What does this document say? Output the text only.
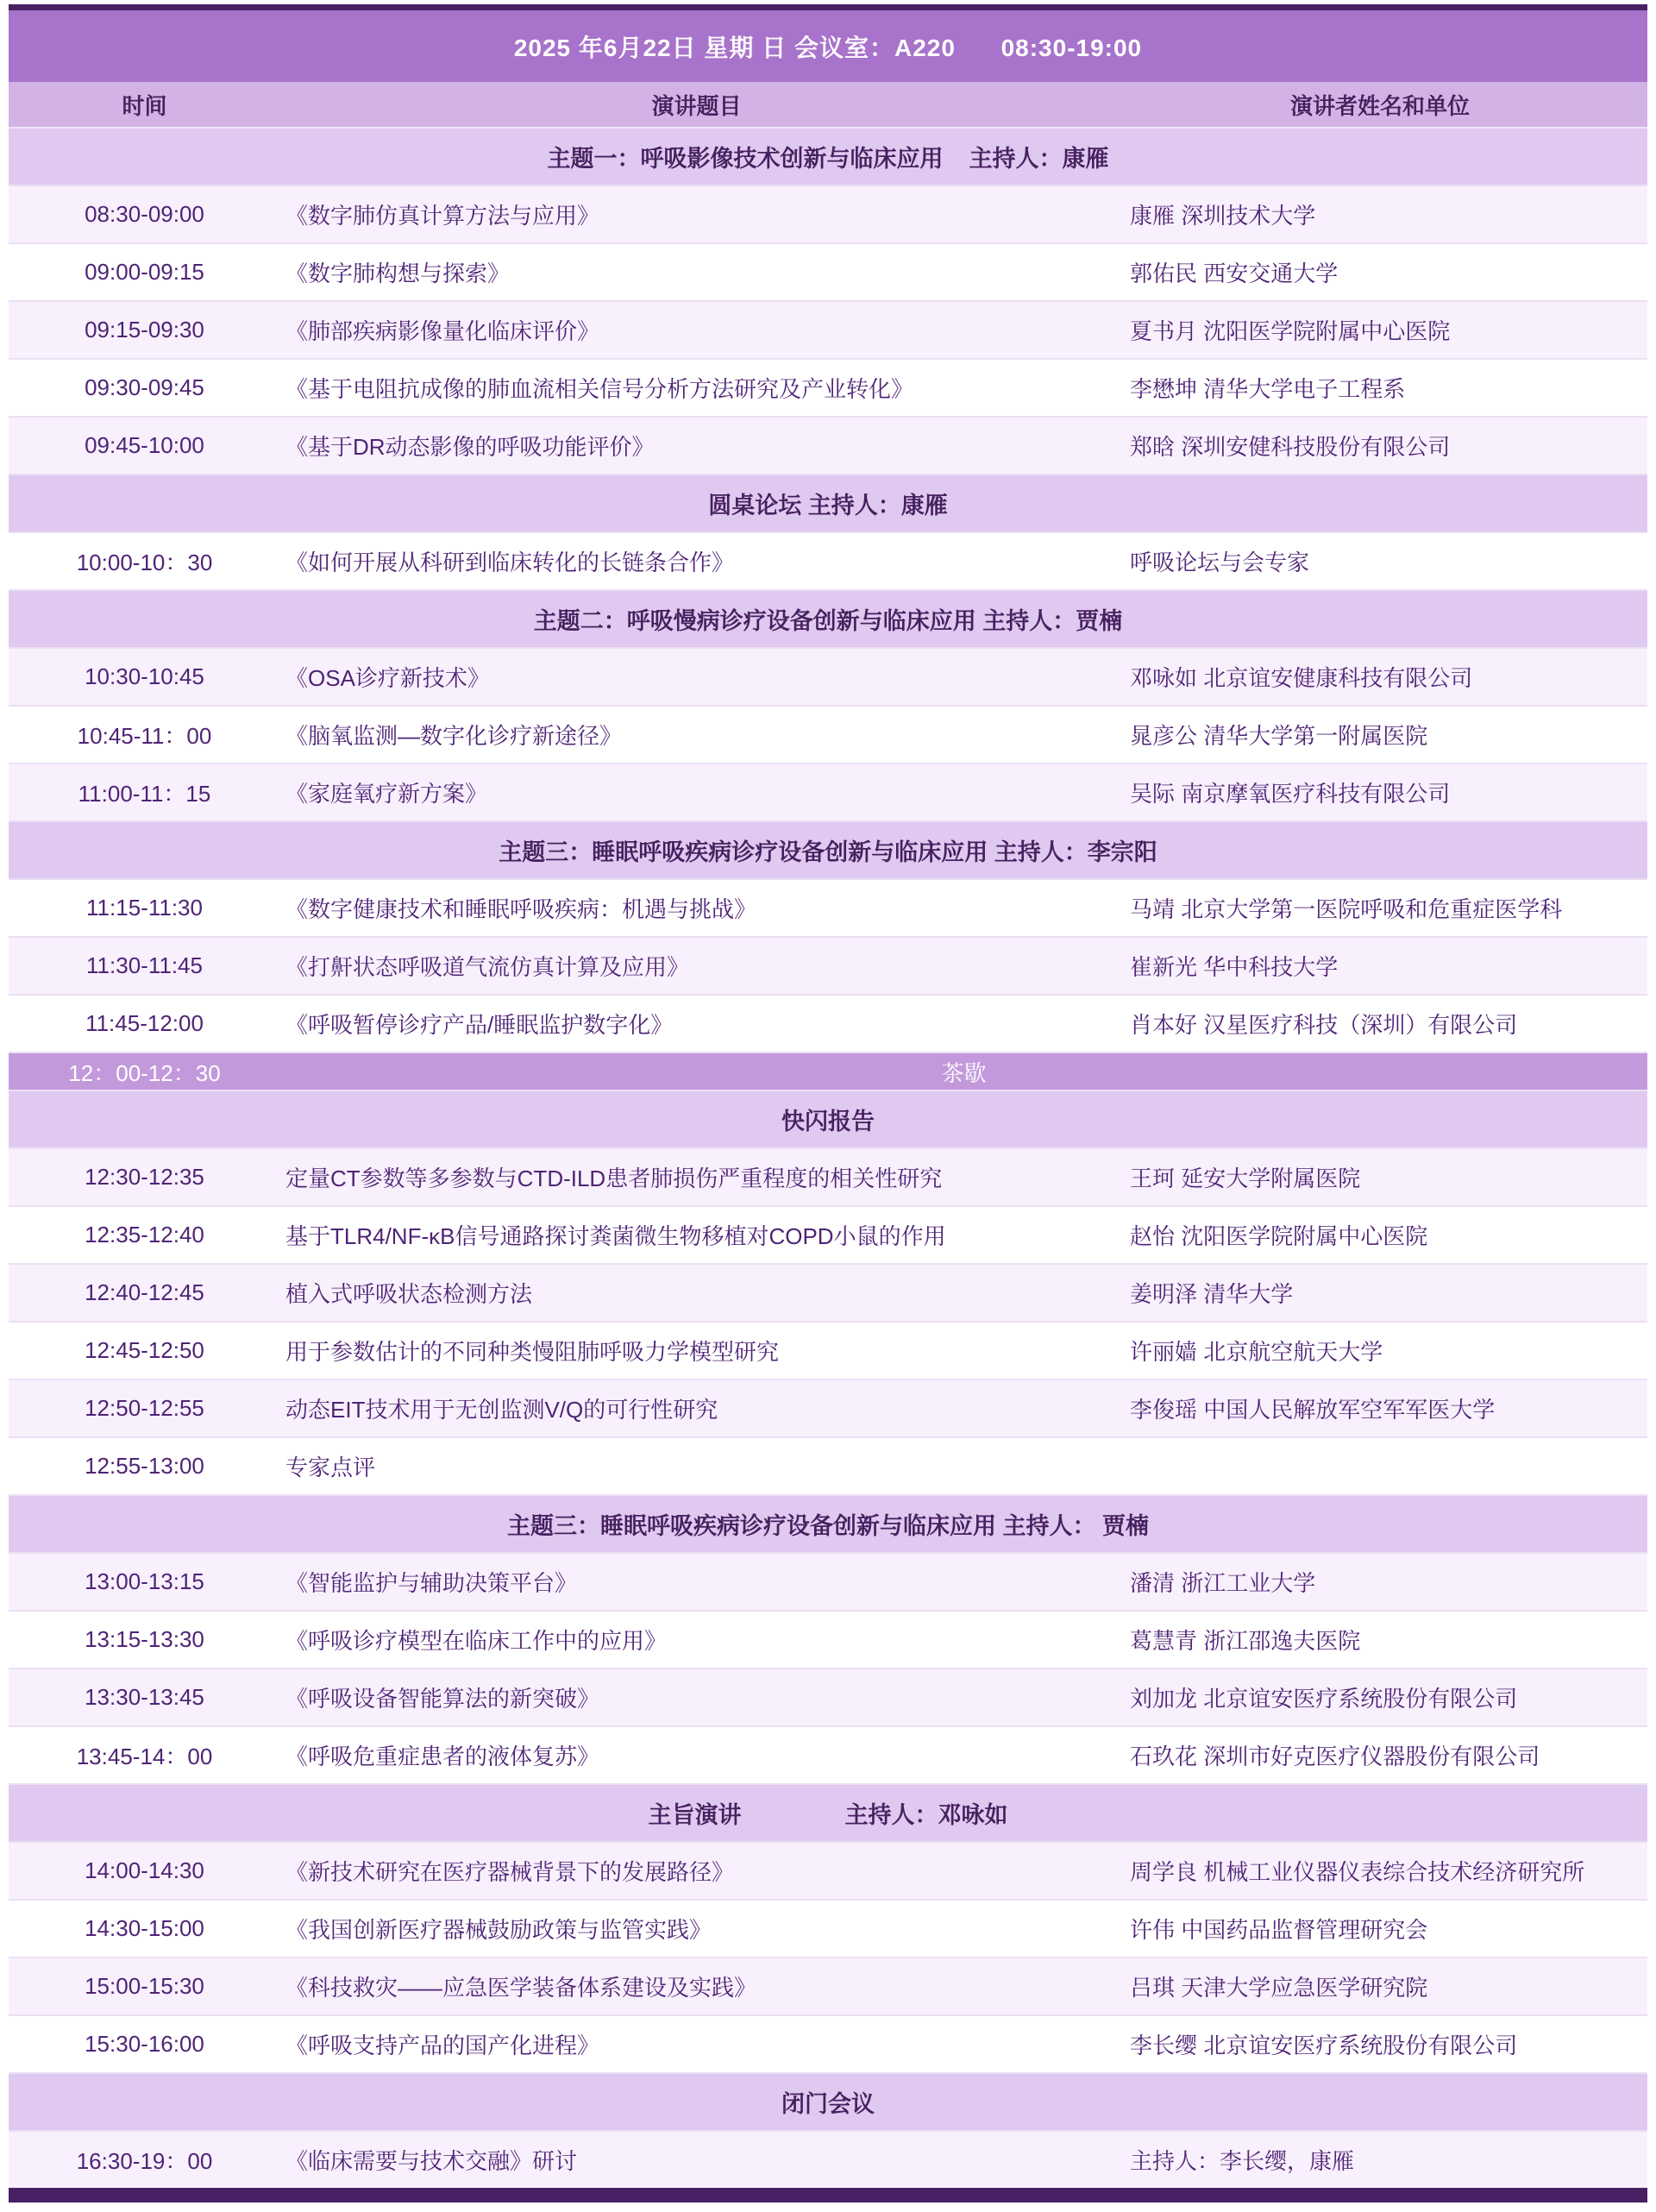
2025 年6月22日 星期 日 会议室：A220      08:30-19:00
时间	演讲题目	演讲者姓名和单位
主题一：呼吸影像技术创新与临床应用    主持人：康雁
08:30-09:00	《数字肺仿真计算方法与应用》	康雁 深圳技术大学
09:00-09:15	《数字肺构想与探索》	郭佑民 西安交通大学
09:15-09:30	《肺部疾病影像量化临床评价》	夏书月 沈阳医学院附属中心医院
09:30-09:45	《基于电阻抗成像的肺血流相关信号分析方法研究及产业转化》	李懋坤 清华大学电子工程系
09:45-10:00	《基于DR动态影像的呼吸功能评价》	郑晗 深圳安健科技股份有限公司
圆桌论坛 主持人：康雁
10:00-10：30	《如何开展从科研到临床转化的长链条合作》	呼吸论坛与会专家
主题二：呼吸慢病诊疗设备创新与临床应用 主持人：贾楠
10:30-10:45	《OSA诊疗新技术》	邓咏如 北京谊安健康科技有限公司
10:45-11：00	《脑氧监测—数字化诊疗新途径》	晁彦公 清华大学第一附属医院
11:00-11：15	《家庭氧疗新方案》	吴际 南京摩氧医疗科技有限公司
主题三：睡眠呼吸疾病诊疗设备创新与临床应用 主持人：李宗阳
11:15-11:30	《数字健康技术和睡眠呼吸疾病：机遇与挑战》	马靖 北京大学第一医院呼吸和危重症医学科
11:30-11:45	《打鼾状态呼吸道气流仿真计算及应用》	崔新光 华中科技大学
11:45-12:00	《呼吸暂停诊疗产品/睡眠监护数字化》	肖本好 汉星医疗科技（深圳）有限公司
12：00-12：30	茶歇
快闪报告
12:30-12:35	定量CT参数等多参数与CTD-ILD患者肺损伤严重程度的相关性研究	王珂 延安大学附属医院
12:35-12:40	基于TLR4/NF-κB信号通路探讨粪菌微生物移植对COPD小鼠的作用	赵怡 沈阳医学院附属中心医院
12:40-12:45	植入式呼吸状态检测方法	姜明泽 清华大学
12:45-12:50	用于参数估计的不同种类慢阻肺呼吸力学模型研究	许丽嫱 北京航空航天大学
12:50-12:55	动态EIT技术用于无创监测V/Q的可行性研究	李俊瑶 中国人民解放军空军军医大学
12:55-13:00	专家点评
主题三：睡眠呼吸疾病诊疗设备创新与临床应用 主持人： 贾楠
13:00-13:15	《智能监护与辅助决策平台》	潘清 浙江工业大学
13:15-13:30	《呼吸诊疗模型在临床工作中的应用》	葛慧青 浙江邵逸夫医院
13:30-13:45	《呼吸设备智能算法的新突破》	刘加龙 北京谊安医疗系统股份有限公司
13:45-14：00	《呼吸危重症患者的液体复苏》	石玖花 深圳市好克医疗仪器股份有限公司
主旨演讲                主持人：邓咏如
14:00-14:30	《新技术研究在医疗器械背景下的发展路径》	周学良 机械工业仪器仪表综合技术经济研究所
14:30-15:00	《我国创新医疗器械鼓励政策与监管实践》	许伟 中国药品监督管理研究会
15:00-15:30	《科技救灾——应急医学装备体系建设及实践》	吕琪 天津大学应急医学研究院
15:30-16:00	《呼吸支持产品的国产化进程》	李长缨 北京谊安医疗系统股份有限公司
闭门会议
16:30-19：00	《临床需要与技术交融》研讨	主持人：李长缨，康雁
